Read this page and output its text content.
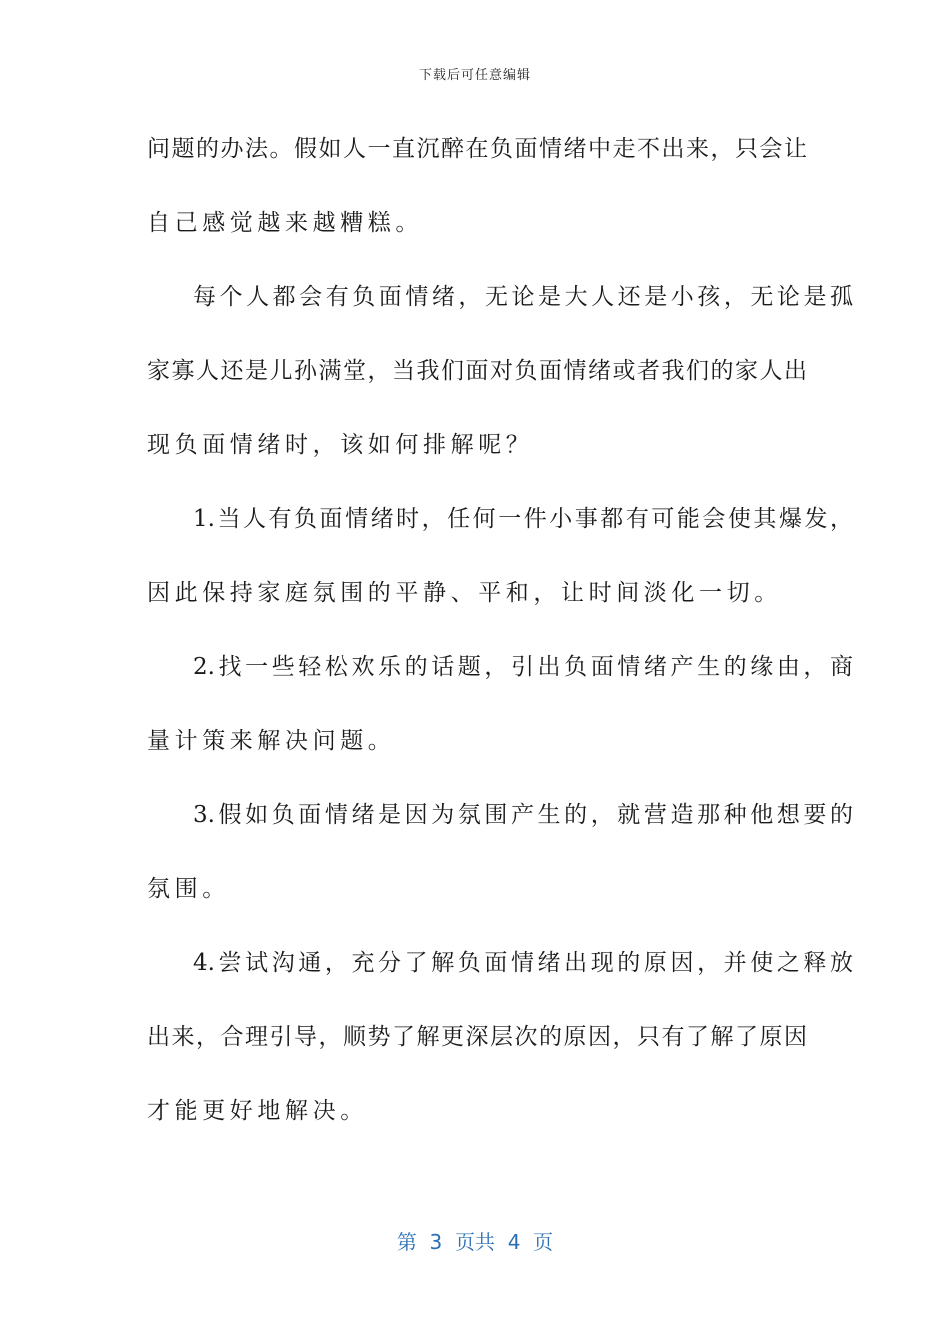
下载后可任意编辑
问题的办法。假如人一直沉醉在负面情绪中走不出来，只会让
自己感觉越来越糟糕。
每个人都会有负面情绪，无论是大人还是小孩，无论是孤
家寡人还是儿孙满堂，当我们面对负面情绪或者我们的家人出
现负面情绪时，该如何排解呢？
1.当人有负面情绪时，任何一件小事都有可能会使其爆发，
因此保持家庭氛围的平静、平和，让时间淡化一切。
2.找一些轻松欢乐的话题，引出负面情绪产生的缘由，商
量计策来解决问题。
3.假如负面情绪是因为氛围产生的，就营造那种他想要的
氛围。
4.尝试沟通，充分了解负面情绪出现的原因，并使之释放
出来，合理引导，顺势了解更深层次的原因，只有了解了原因
才能更好地解决。
第  3  页共  4  页
